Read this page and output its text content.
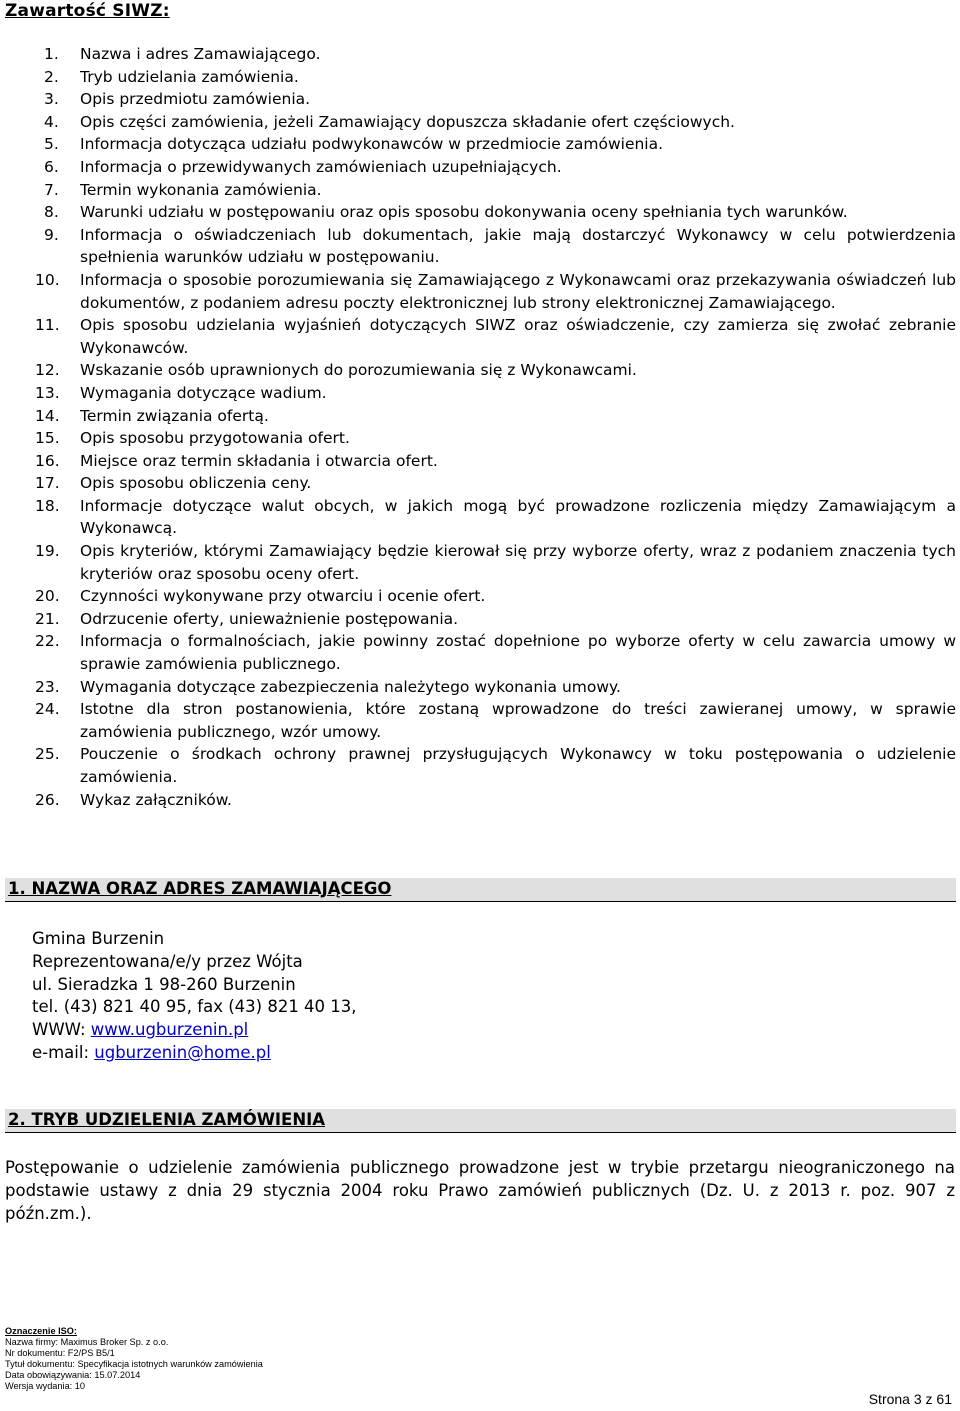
Zawartość SIWZ:
1. Nazwa i adres Zamawiającego.
2. Tryb udzielania zamówienia.
3. Opis przedmiotu zamówienia.
4. Opis części zamówienia, jeżeli Zamawiający dopuszcza składanie ofert częściowych.
5. Informacja dotycząca udziału podwykonawców w przedmiocie zamówienia.
6. Informacja o przewidywanych zamówieniach uzupełniających.
7. Termin wykonania zamówienia.
8. Warunki udziału w postępowaniu oraz opis sposobu dokonywania oceny spełniania tych warunków.
9. Informacja o oświadczeniach lub dokumentach, jakie mają dostarczyć Wykonawcy w celu potwierdzenia spełnienia warunków udziału w postępowaniu.
10. Informacja o sposobie porozumiewania się Zamawiającego z Wykonawcami oraz przekazywania oświadczeń lub dokumentów, z podaniem adresu poczty elektronicznej lub strony elektronicznej Zamawiającego.
11. Opis sposobu udzielania wyjaśnień dotyczących SIWZ oraz oświadczenie, czy zamierza się zwołać zebranie Wykonawców.
12. Wskazanie osób uprawnionych do porozumiewania się z Wykonawcami.
13. Wymagania dotyczące wadium.
14. Termin związania ofertą.
15. Opis sposobu przygotowania ofert.
16. Miejsce oraz termin składania i otwarcia ofert.
17. Opis sposobu obliczenia ceny.
18. Informacje dotyczące walut obcych, w jakich mogą być prowadzone rozliczenia między Zamawiającym a Wykonawcą.
19. Opis kryteriów, którymi Zamawiający będzie kierował się przy wyborze oferty, wraz z podaniem znaczenia tych kryteriów oraz sposobu oceny ofert.
20. Czynności wykonywane przy otwarciu i ocenie ofert.
21. Odrzucenie oferty, unieważnienie postępowania.
22. Informacja o formalnościach, jakie powinny zostać dopełnione po wyborze oferty w celu zawarcia umowy w sprawie zamówienia publicznego.
23. Wymagania dotyczące zabezpieczenia należytego wykonania umowy.
24. Istotne dla stron postanowienia, które zostaną wprowadzone do treści zawieranej umowy, w sprawie zamówienia publicznego, wzór umowy.
25. Pouczenie o środkach ochrony prawnej przysługujących Wykonawcy w toku postępowania o udzielenie zamówienia.
26. Wykaz załączników.
1. NAZWA ORAZ ADRES ZAMAWIAJĄCEGO
Gmina Burzenin
Reprezentowana/e/y przez Wójta
ul. Sieradzka 1 98-260 Burzenin
tel. (43) 821 40 95, fax (43) 821 40 13,
WWW: www.ugburzenin.pl
e-mail: ugburzenin@home.pl
2. TRYB UDZIELENIA ZAMÓWIENIA
Postępowanie o udzielenie zamówienia publicznego prowadzone jest w trybie przetargu nieograniczonego na podstawie ustawy z dnia 29 stycznia 2004 roku Prawo zamówień publicznych (Dz. U. z 2013 r. poz. 907 z późn.zm.).
Oznaczenie ISO:
Nazwa firmy: Maximus Broker Sp. z o.o.
Nr dokumentu: F2/PS B5/1
Tytuł dokumentu: Specyfikacja istotnych warunków zamówienia
Data obowiązywania: 15.07.2014
Wersja wydania: 10
Strona 3 z 61
